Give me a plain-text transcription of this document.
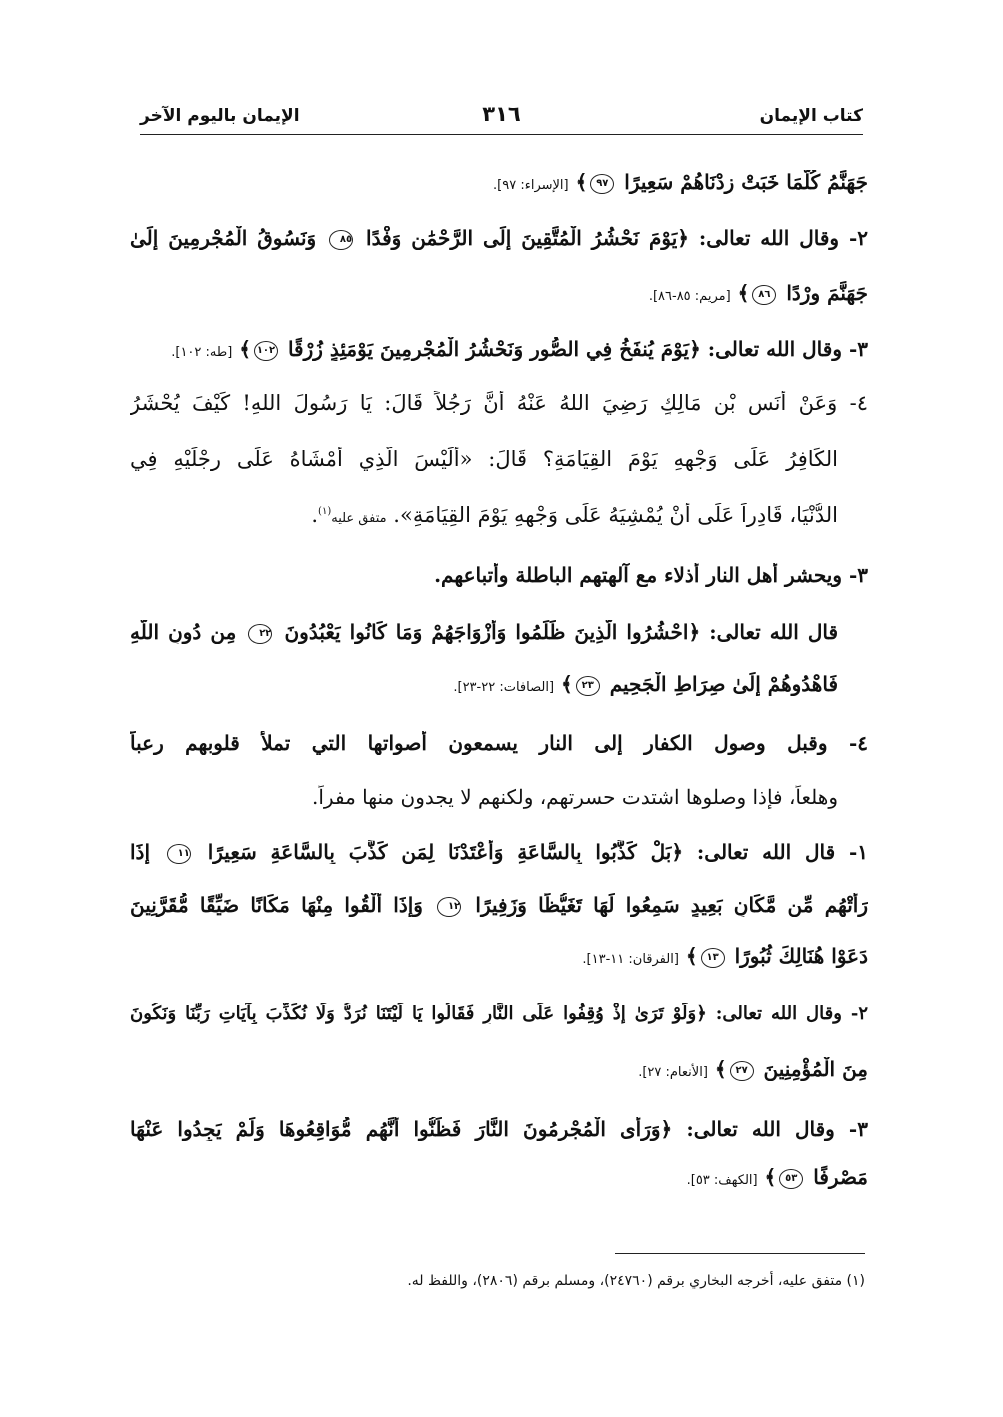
كتاب الإيمان
٣١٦
الإيمان باليوم الآخر
جَهَنَّمُ كُلَّمَا خَبَتْ زِدْنَاهُمْ سَعِيرًا ٩٧﴾ [الإسراء: ٩٧].
٢- وقال الله تعالى: ﴿يَوْمَ نَحْشُرُ الْمُتَّقِينَ إِلَى الرَّحْمَٰنِ وَفْدًا ٨٥ وَنَسُوقُ الْمُجْرِمِينَ إِلَىٰ
جَهَنَّمَ وِرْدًا ٨٦﴾ [مريم: ٨٥-٨٦].
٣- وقال الله تعالى: ﴿يَوْمَ يُنفَخُ فِي الصُّورِ وَنَحْشُرُ الْمُجْرِمِينَ يَوْمَئِذٍ زُرْقًا ١٠٢﴾ [طه: ١٠٢].
٤- وَعَنْ أَنَسِ بْنِ مَالِكٍ رَضِيَ اللهُ عَنْهُ أَنَّ رَجُلاً قَالَ: يَا رَسُولَ اللهِ! كَيْفَ يُحْشَرُ
الكَافِرُ عَلَى وَجْهِهِ يَوْمَ القِيَامَةِ؟ قَالَ: «أَلَيْسَ الَّذِي أَمْشَاهُ عَلَى رِجْلَيْهِ فِي
الدُّنْيَا، قَادِراً عَلَى أَنْ يُمْشِيَهُ عَلَى وَجْهِهِ يَوْمَ القِيَامَةِ». متفق عليه$^{(١)}$.
٣- ويحشر أهل النار أذلاء مع آلهتهم الباطلة وأتباعهم.
قال الله تعالى: ﴿احْشُرُوا الَّذِينَ ظَلَمُوا وَأَزْوَاجَهُمْ وَمَا كَانُوا يَعْبُدُونَ ٢٢ مِن دُونِ اللَّهِ
فَاهْدُوهُمْ إِلَىٰ صِرَاطِ الْجَحِيمِ ٢٣﴾ [الصافات: ٢٢-٢٣].
٤- وقبل وصول الكفار إلى النار يسمعون أصواتها التي تملأ قلوبهم رعباً
وهلعاً، فإذا وصلوها اشتدت حسرتهم، ولكنهم لا يجدون منها مفراً.
١- قال الله تعالى: ﴿بَلْ كَذَّبُوا بِالسَّاعَةِ وَأَعْتَدْنَا لِمَن كَذَّبَ بِالسَّاعَةِ سَعِيرًا ١١ إِذَا
رَأَتْهُم مِّن مَّكَانٍ بَعِيدٍ سَمِعُوا لَهَا تَغَيُّظًا وَزَفِيرًا ١٢ وَإِذَا أُلْقُوا مِنْهَا مَكَانًا ضَيِّقًا مُّقَرَّنِينَ
دَعَوْا هُنَالِكَ ثُبُورًا ١٣﴾ [الفرقان: ١١-١٣].
٢- وقال الله تعالى: ﴿وَلَوْ تَرَىٰ إِذْ وُقِفُوا عَلَى النَّارِ فَقَالُوا يَا لَيْتَنَا نُرَدُّ وَلَا نُكَذِّبَ بِآيَاتِ رَبِّنَا وَنَكُونَ
مِنَ الْمُؤْمِنِينَ ٢٧﴾ [الأنعام: ٢٧].
٣- وقال الله تعالى: ﴿وَرَأَى الْمُجْرِمُونَ النَّارَ فَظَنُّوا أَنَّهُم مُّوَاقِعُوهَا وَلَمْ يَجِدُوا عَنْهَا
مَصْرِفًا ٥٣﴾ [الكهف: ٥٣].
(١) متفق عليه، أخرجه البخاري برقم (٢٤٧٦٠)، ومسلم برقم (٢٨٠٦)، واللفظ له.
